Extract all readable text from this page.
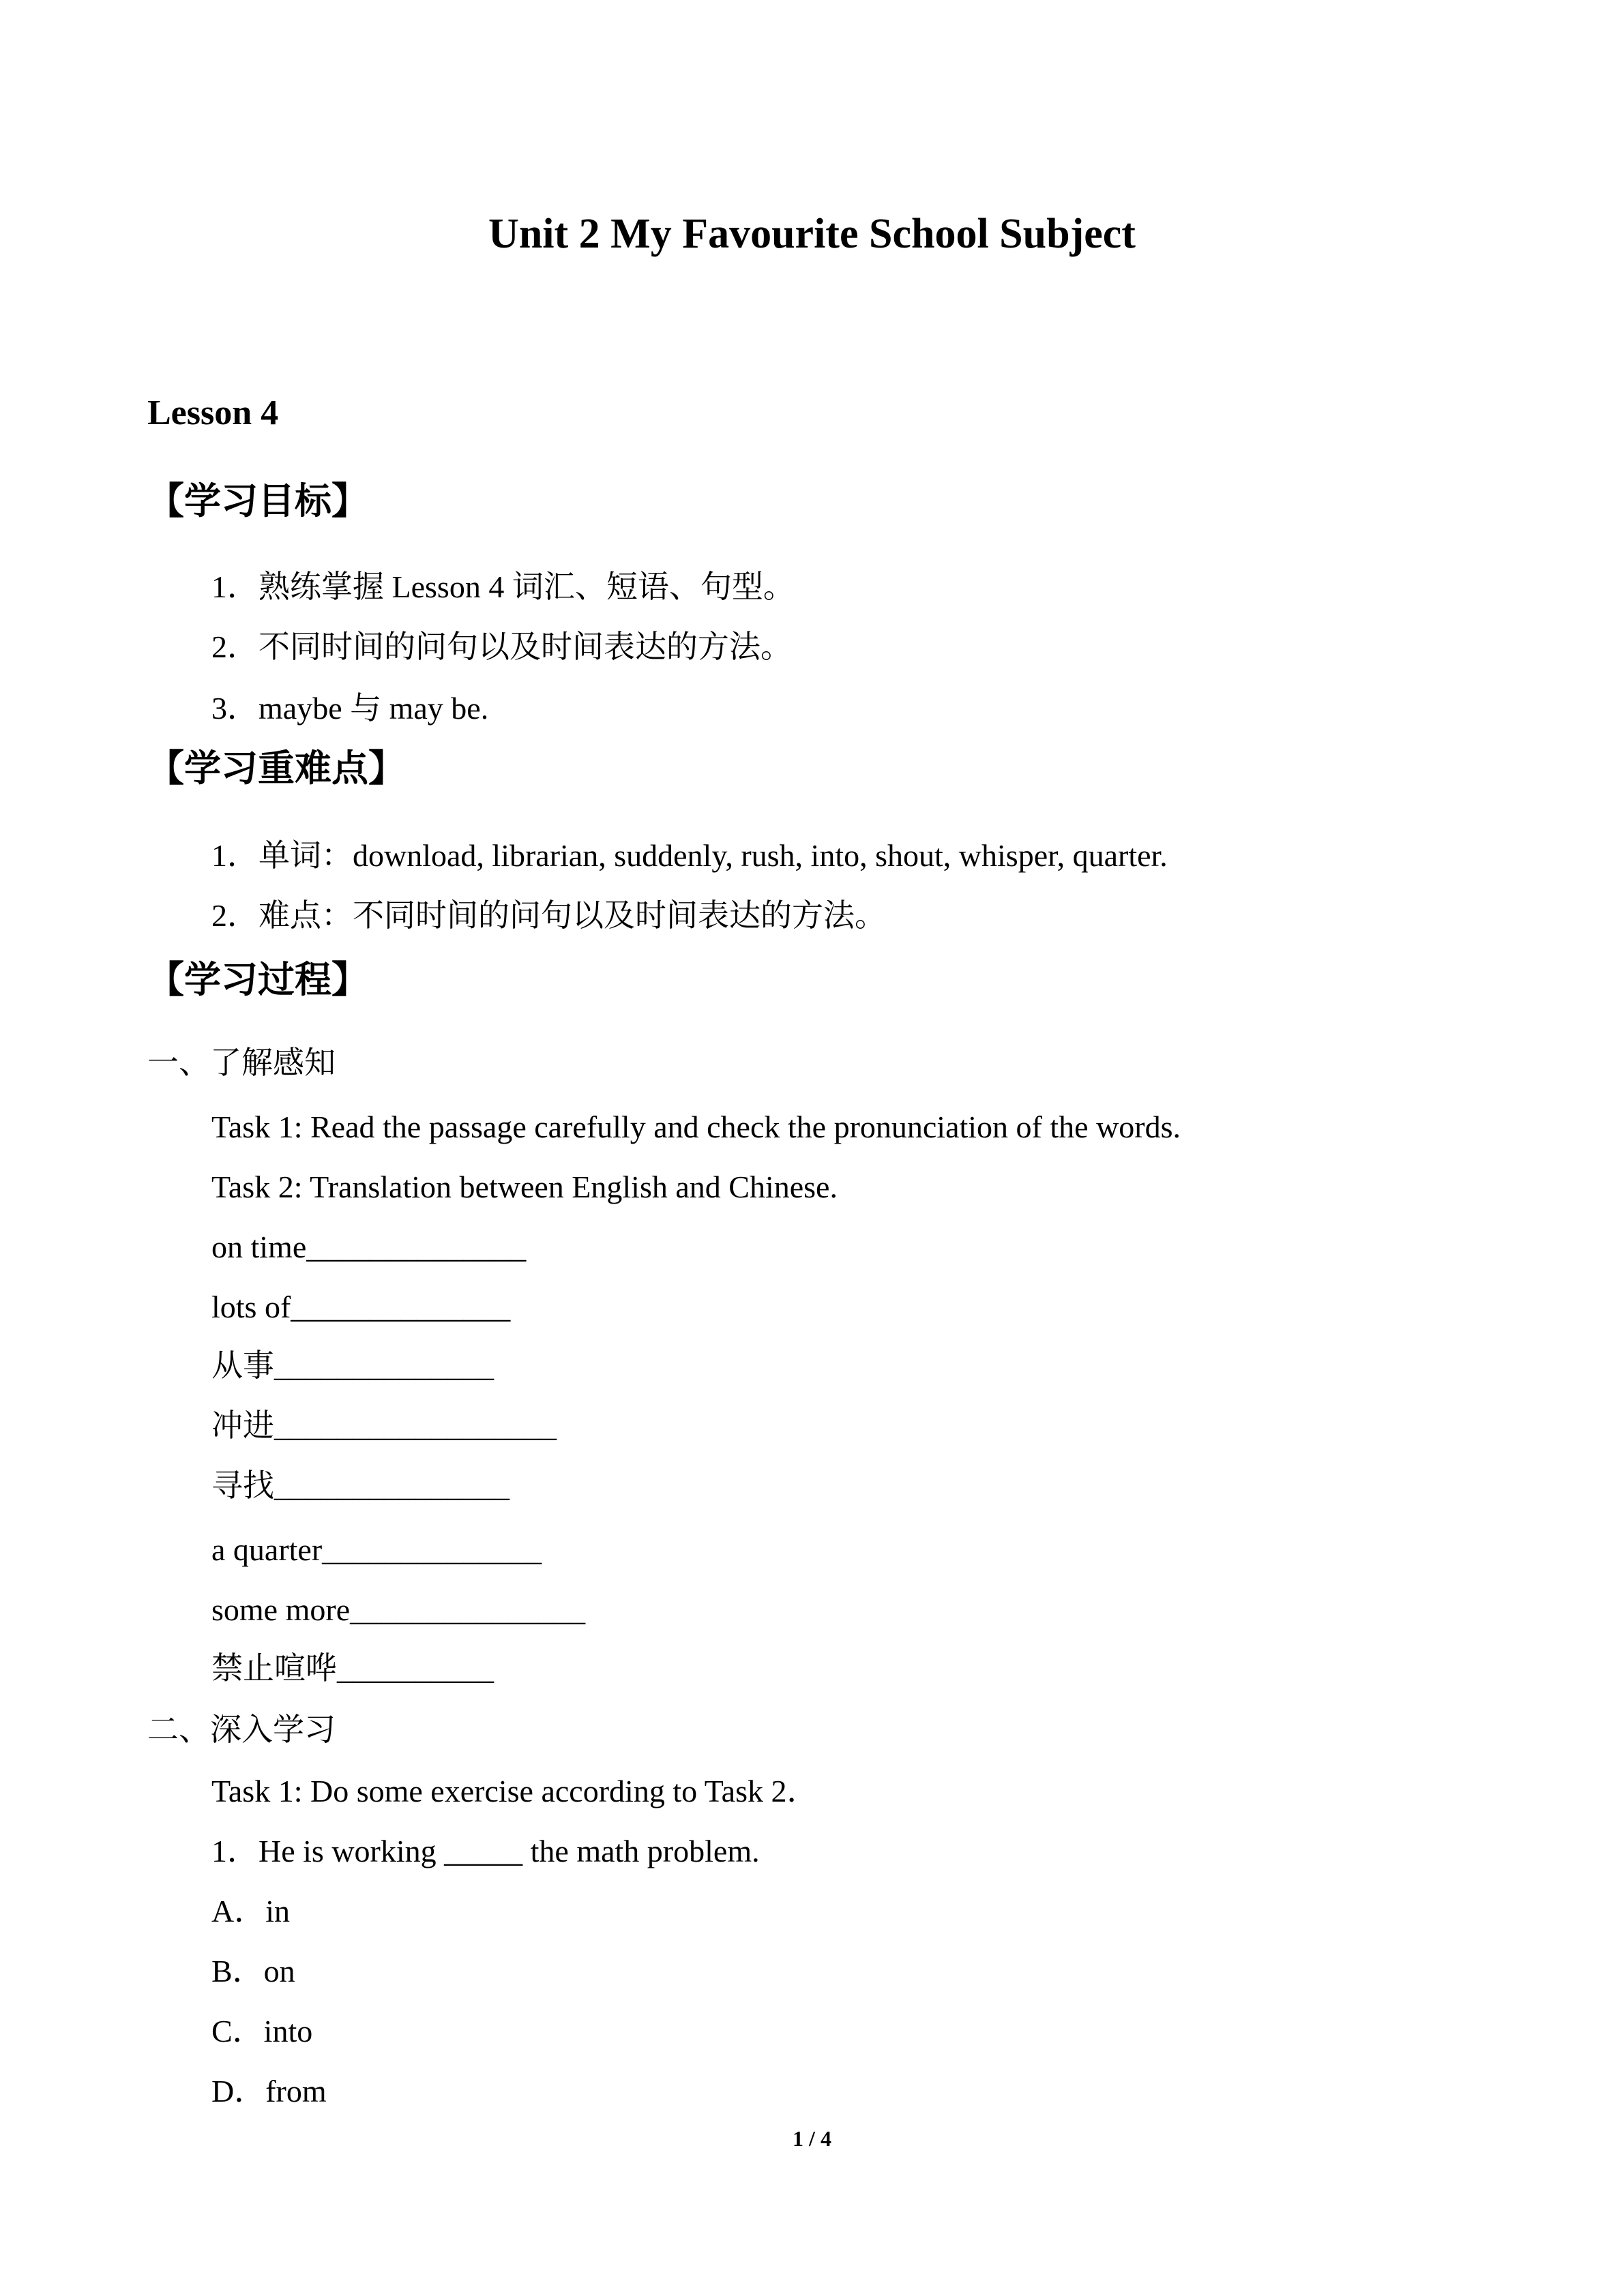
Unit 2 My Favourite School Subject
Lesson 4
【学习目标】
1．熟练掌握 Lesson 4 词汇、短语、句型。
2．不同时间的问句以及时间表达的方法。
3．maybe 与 may be.
【学习重难点】
1．单词：download, librarian, suddenly, rush, into, shout, whisper, quarter.
2．难点：不同时间的问句以及时间表达的方法。
【学习过程】
一、了解感知
Task 1: Read the passage carefully and check the pronunciation of the words.
Task 2: Translation between English and Chinese.
on time______________
lots of______________
从事______________
冲进__________________
寻找_______________
a quarter______________
some more_______________
禁止喧哗__________
二、深入学习
Task 1: Do some exercise according to Task 2．
1．He is working _____ the math problem.
A．in
B．on
C．into
D．from
1 / 4
